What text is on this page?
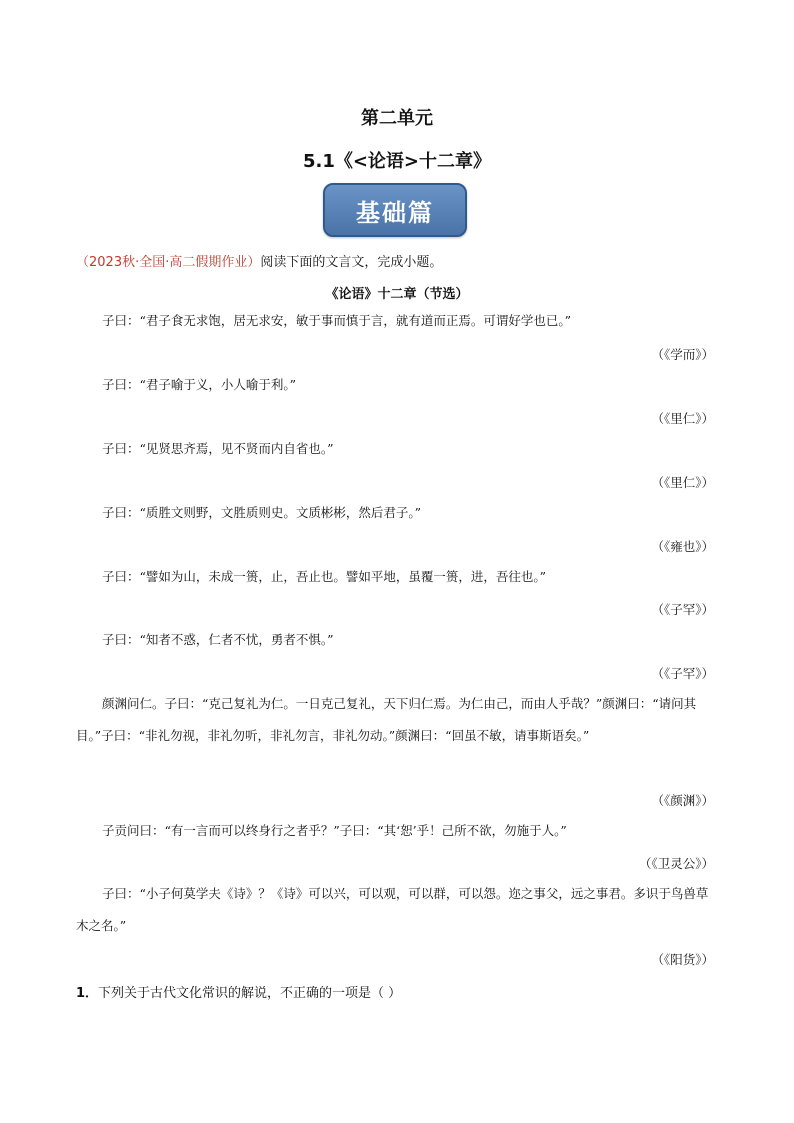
第二单元
5.1《<论语>十二章》
基础篇
（2023秋·全国·高二假期作业）阅读下面的文言文，完成小题。
《论语》十二章（节选）
子曰：“君子食无求饱，居无求安，敏于事而慎于言，就有道而正焉。可谓好学也已。”
（《学而》）
子曰：“君子喻于义，小人喻于利。”
（《里仁》）
子曰：“见贤思齐焉，见不贤而内自省也。”
（《里仁》）
子曰：“质胜文则野，文胜质则史。文质彬彬，然后君子。”
（《雍也》）
子曰：“譬如为山，未成一篑，止，吾止也。譬如平地，虽覆一篑，进，吾往也。”
（《子罕》）
子曰：“知者不惑，仁者不忧，勇者不惧。”
（《子罕》）
颜渊问仁。子曰：“克己复礼为仁。一日克己复礼，天下归仁焉。为仁由己，而由人乎哉？”颜渊曰：“请问其目。”子曰：“非礼勿视，非礼勿听，非礼勿言，非礼勿动。”颜渊曰：“回虽不敏，请事斯语矣。”
（《颜渊》）
子贡问曰：“有一言而可以终身行之者乎？”子曰：“其‘恕’乎！己所不欲，勿施于人。”
（《卫灵公》）
子曰：“小子何莫学夫《诗》？《诗》可以兴，可以观，可以群，可以怨。迩之事父，远之事君。多识于鸟兽草木之名。”
（《阳货》）
1．下列关于古代文化常识的解说，不正确的一项是（ ）
